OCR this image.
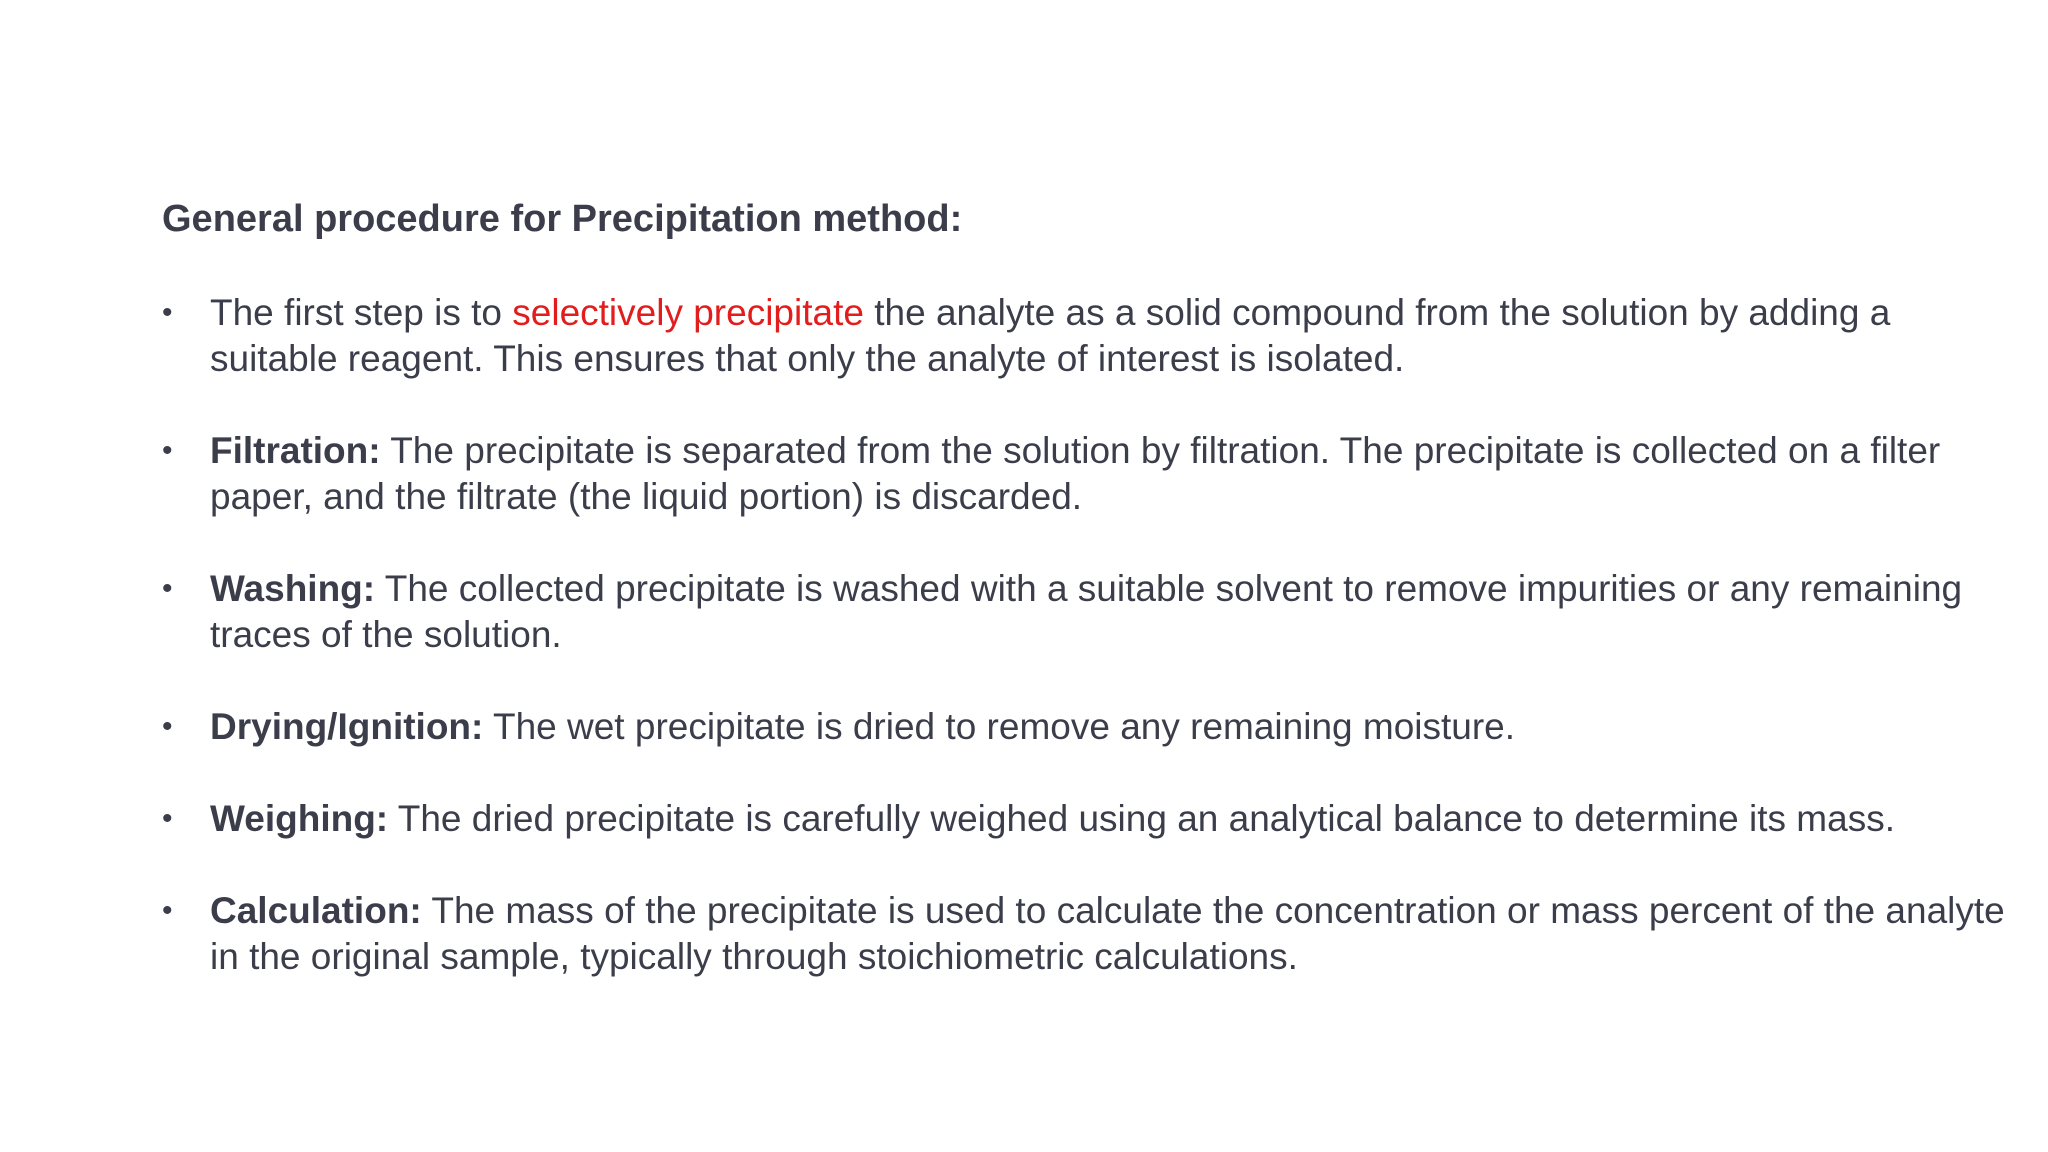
General procedure for Precipitation method:
• The first step is to selectively precipitate the analyte as a solid compound from the solution by adding a suitable reagent. This ensures that only the analyte of interest is isolated.
• Filtration: The precipitate is separated from the solution by filtration. The precipitate is collected on a filter paper, and the filtrate (the liquid portion) is discarded.
• Washing: The collected precipitate is washed with a suitable solvent to remove impurities or any remaining traces of the solution.
• Drying/Ignition: The wet precipitate is dried to remove any remaining moisture.
• Weighing: The dried precipitate is carefully weighed using an analytical balance to determine its mass.
• Calculation: The mass of the precipitate is used to calculate the concentration or mass percent of the analyte in the original sample, typically through stoichiometric calculations.
